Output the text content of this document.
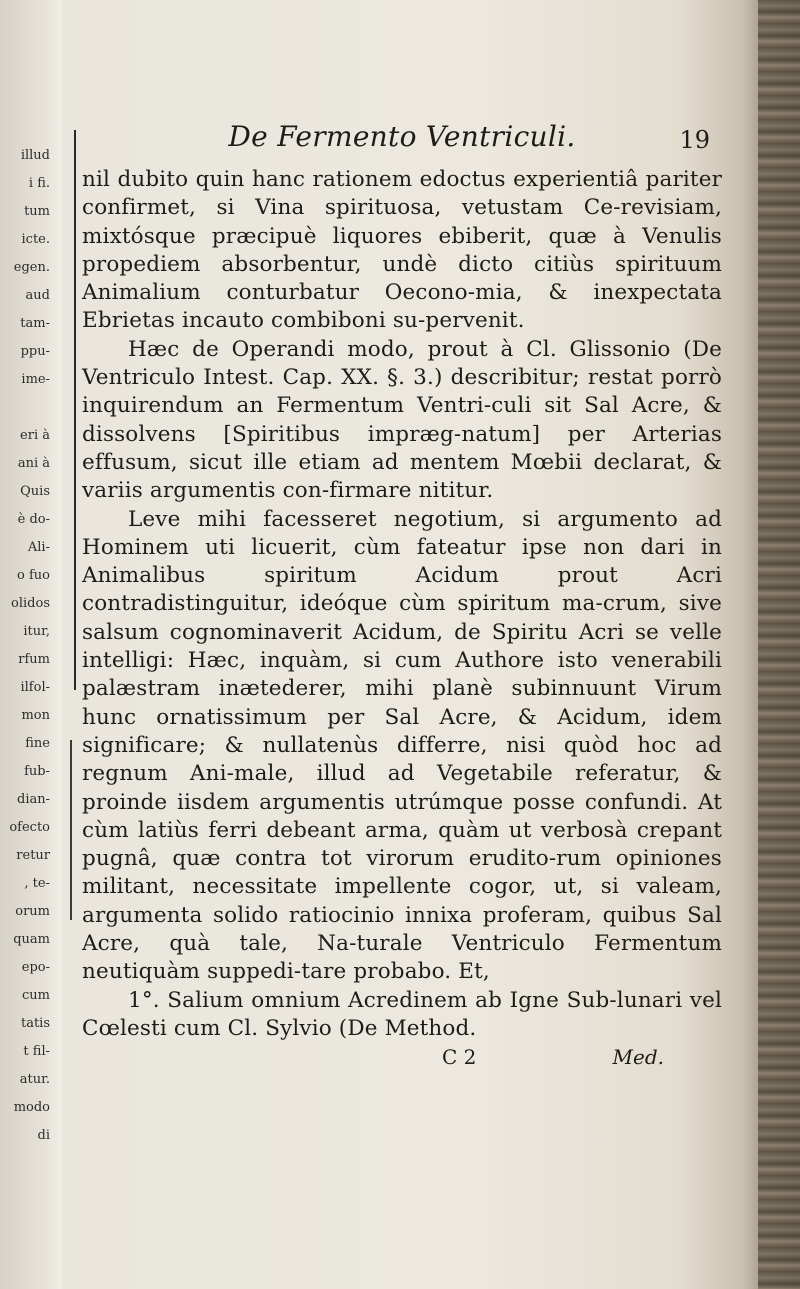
illud
i fi.
tum
icte.
egen.
aud
tam-
ppu-
ime-
eri à
ani à
Quis
è do-
Ali-
o fuo
olidos
itur,
rfum
ilfol-
mon
fine
fub-
dian-
ofecto
retur
, te-
orum
quam
epo-
cum
tatis
t fil-
atur.
modo
di
De Fermento Ventriculi.	19

nil dubito quin hanc rationem edoctus experientiâ pariter confirmet, si Vina spirituosa, vetustam Ce-revisiam, mixtósque præcipuè liquores ebiberit, quæ à Venulis propediem absorbentur, undè dicto citiùs spirituum Animalium conturbatur Oecono-mia, & inexpectata Ebrietas incauto combiboni su-pervenit.

Hæc de Operandi modo, prout à Cl. Glissonio (De Ventriculo Intest. Cap. XX. §. 3.) describitur; restat porrò inquirendum an Fermentum Ventri-culi sit Sal Acre, & dissolvens [Spiritibus impræg-natum] per Arterias effusum, sicut ille etiam ad mentem Mœbii declarat, & variis argumentis con-firmare nititur.

Leve mihi facesseret negotium, si argumento ad Hominem uti licuerit, cùm fateatur ipse non dari in Animalibus spiritum Acidum prout Acri contradistinguitur, ideóque cùm spiritum ma-crum, sive salsum cognominaverit Acidum, de Spiritu Acri se velle intelligi: Hæc, inquàm, si cum Authore isto venerabili palæstram inætederer, mihi planè subinnuunt Virum hunc ornatissimum per Sal Acre, & Acidum, idem significare; & nullatenùs differre, nisi quòd hoc ad regnum Ani-male, illud ad Vegetabile referatur, & proinde iisdem argumentis utrúmque posse confundi. At cùm latiùs ferri debeant arma, quàm ut verbosà crepant pugnâ, quæ contra tot virorum erudito-rum opiniones militant, necessitate impellente cogor, ut, si valeam, argumenta solido ratiocinio innixa proferam, quibus Sal Acre, quà tale, Na-turale Ventriculo Fermentum neutiquàm suppedi-tare probabo. Et,

1°. Salium omnium Acredinem ab Igne Sub-lunari vel Cœlesti cum Cl. Sylvio (De Method.

C 2	Med.
